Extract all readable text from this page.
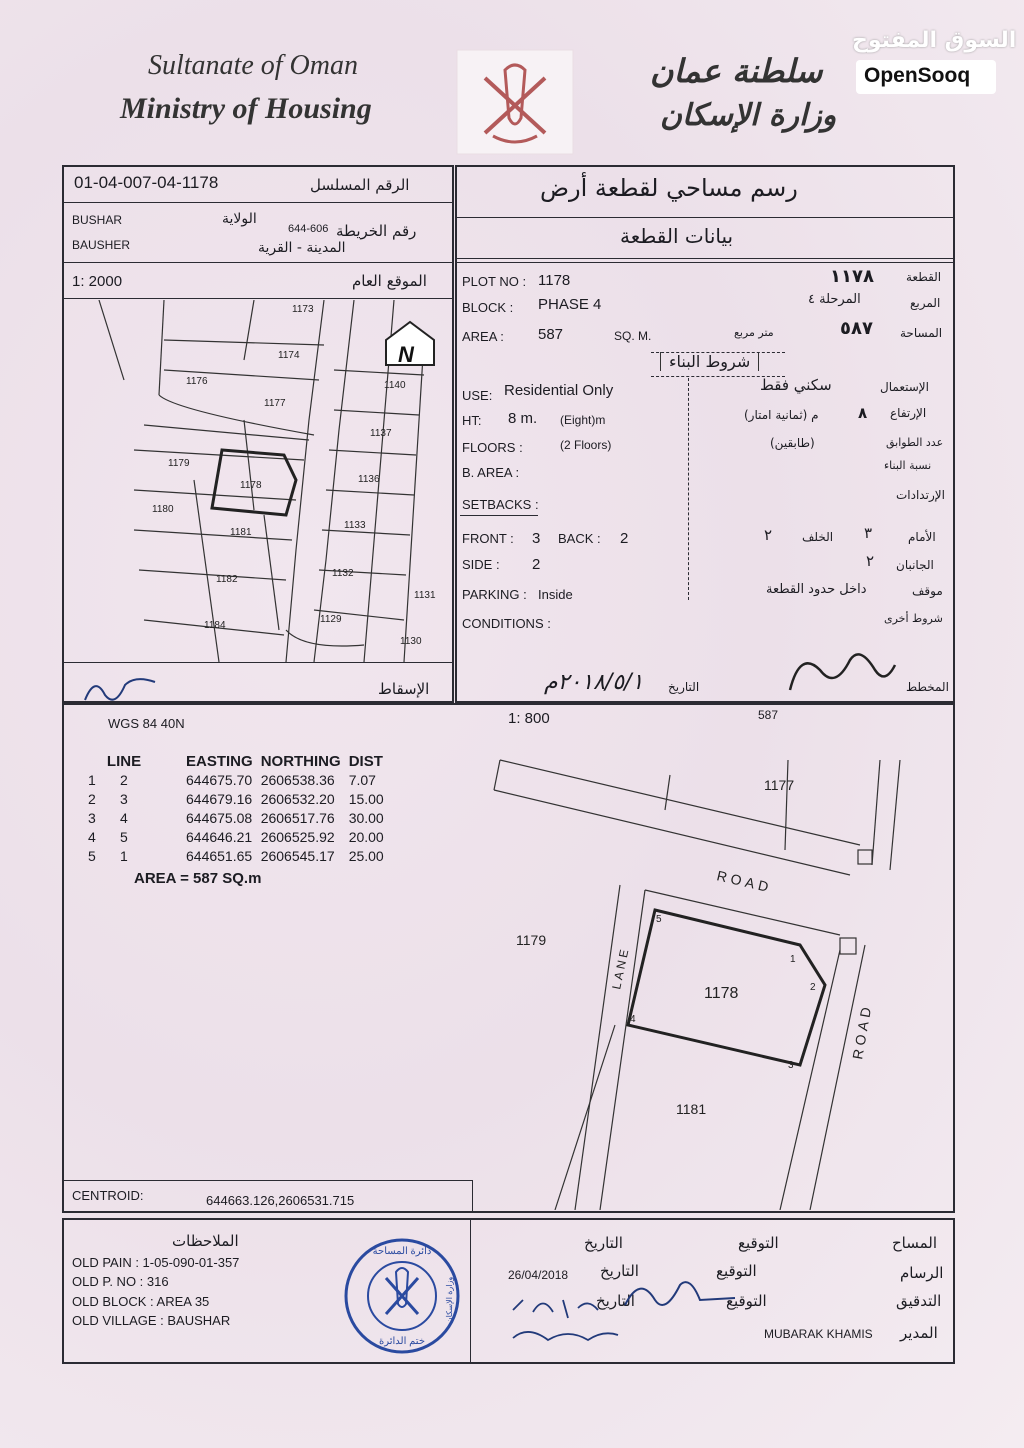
السوق المفتوح
OpenSooq
Sultanate of Oman
Ministry of Housing
سلطنة عمان
وزارة الإسكان
01-04-007-04-1178	الرقم المسلسل
BUSHAR	الولاية
644-606 رقم الخريطة
BAUSHER	المدينة - القرية
1: 2000	الموقع العام
الإسقاط
1173
1174
1176
1177
1140
1137
1179
1178
1136
1180
1181
1133
1182
1132
1131
1184
1129
1130
N
رسم مساحي لقطعة أرض
بيانات القطعة
PLOT NO : 1178
BLOCK : PHASE 4
AREA : 587	SQ. M.
القطعة
١١٧٨
المربع
المرحلة ٤
المساحة
٥٨٧
متر مربع
شروط البناء
USE: Residential Only
HT: 8 m. (Eight)m
FLOORS :	(2 Floors)
B. AREA :
SETBACKS :
FRONT : 3 BACK : 2
SIDE : 2
PARKING : Inside
CONDITIONS :
الإستعمال
سكني فقط
الإرتفاع
٨
م (ثمانية امتار)
عدد الطوابق
(طابقين)
نسبة البناء
الإرتدادات
الأمام
٣
الخلف
٢
الجانبان
٢
موقف
داخل حدود القطعة
شروط أخرى
المخطط
التاريخ
٢٠١٨/٥/١م
WGS 84 40N	1: 800	587
LINE		EASTING	NORTHING	DIST
1	2	644675.70	2606538.36	7.07
2	3	644679.16	2606532.20	15.00
3	4	644675.08	2606517.76	30.00
4	5	644646.21	2606525.92	20.00
5	1	644651.65	2606545.17	25.00
AREA = 587 SQ.m
1177
1179
1178
1181
ROAD
ROAD
LANE	1
2
3
4
5
CENTROID:	644663.126,2606531.715
الملاحظات
OLD PAIN : 1-05-090-01-357
OLD P. NO : 316
OLD BLOCK : AREA 35
OLD VILLAGE : BAUSHAR
دائرة المساحة
ختم الدائرة
وزارة الإسكان
المساح
التوقيع
التاريخ
الرسام
التوقيع
التاريخ
26/04/2018
التدقيق
التوقيع
التاريخ
المدير
MUBARAK KHAMIS
